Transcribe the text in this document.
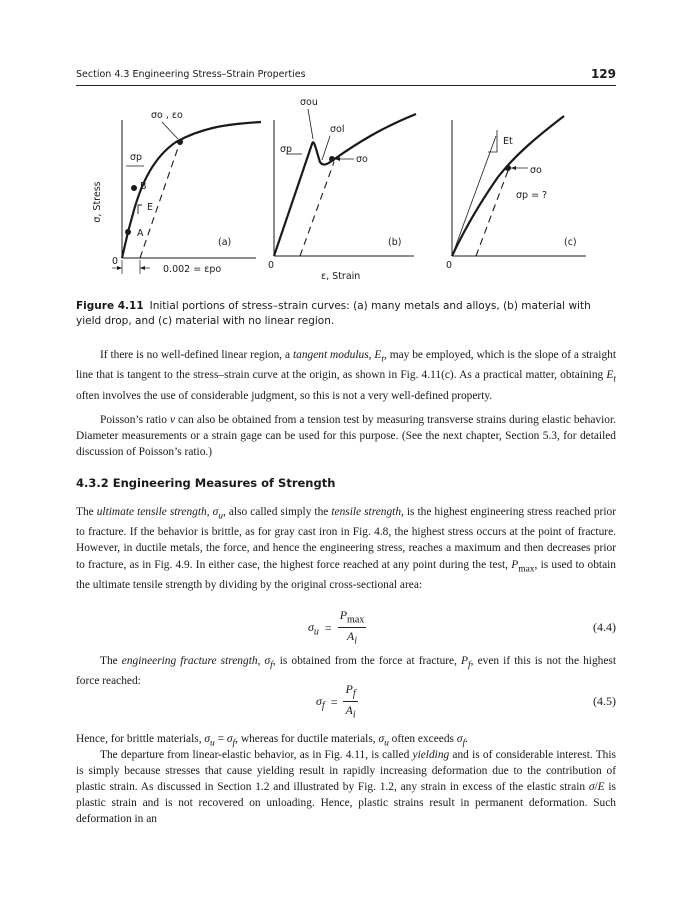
Section 4.3 Engineering Stress–Strain Properties	129
σ, Stress
σo , εo
σp
B
E
A
(a)
0
0.002 = εpo
σou
σol
σp
σo
(b)
0
ε, Strain
Et
σo
σp = ?
(c)
0
Figure 4.11 Initial portions of stress–strain curves: (a) many metals and alloys, (b) material with yield drop, and (c) material with no linear region.

If there is no well-defined linear region, a tangent modulus, $E_t$, may be employed, which is the slope of a straight line that is tangent to the stress–strain curve at the origin, as shown in Fig. 4.11(c). As a practical matter, obtaining $E_t$ often involves the use of considerable judgment, so this is not a very well-defined property.

Poisson’s ratio ν can also be obtained from a tension test by measuring transverse strains during elastic behavior. Diameter measurements or a strain gage can be used for this purpose. (See the next chapter, Section 5.3, for detailed discussion of Poisson’s ratio.)

4.3.2 Engineering Measures of Strength

The ultimate tensile strength, $\sigma_u$, also called simply the tensile strength, is the highest engineering stress reached prior to fracture. If the behavior is brittle, as for gray cast iron in Fig. 4.8, the highest stress occurs at the point of fracture. However, in ductile metals, the force, and hence the engineering stress, reaches a maximum and then decreases prior to fracture, as in Fig. 4.9. In either case, the highest force reached at any point during the test, $P_{max}$, is used to obtain the ultimate tensile strength by dividing by the original cross-sectional area:

$\sigma_u = \frac{P_{max}}{A_i}$	(4.4)

The engineering fracture strength, $\sigma_f$, is obtained from the force at fracture, $P_f$, even if this is not the highest force reached:

$\sigma_f = \frac{P_f}{A_i}$	(4.5)

Hence, for brittle materials, $\sigma_u = \sigma_f$, whereas for ductile materials, $\sigma_u$ often exceeds $\sigma_f$.

The departure from linear-elastic behavior, as in Fig. 4.11, is called yielding and is of considerable interest. This is simply because stresses that cause yielding result in rapidly increasing deformation due to the contribution of plastic strain. As discussed in Section 1.2 and illustrated by Fig. 1.2, any strain in excess of the elastic strain σ/E is plastic strain and is not recovered on unloading. Hence, plastic strains result in permanent deformation. Such deformation in an
